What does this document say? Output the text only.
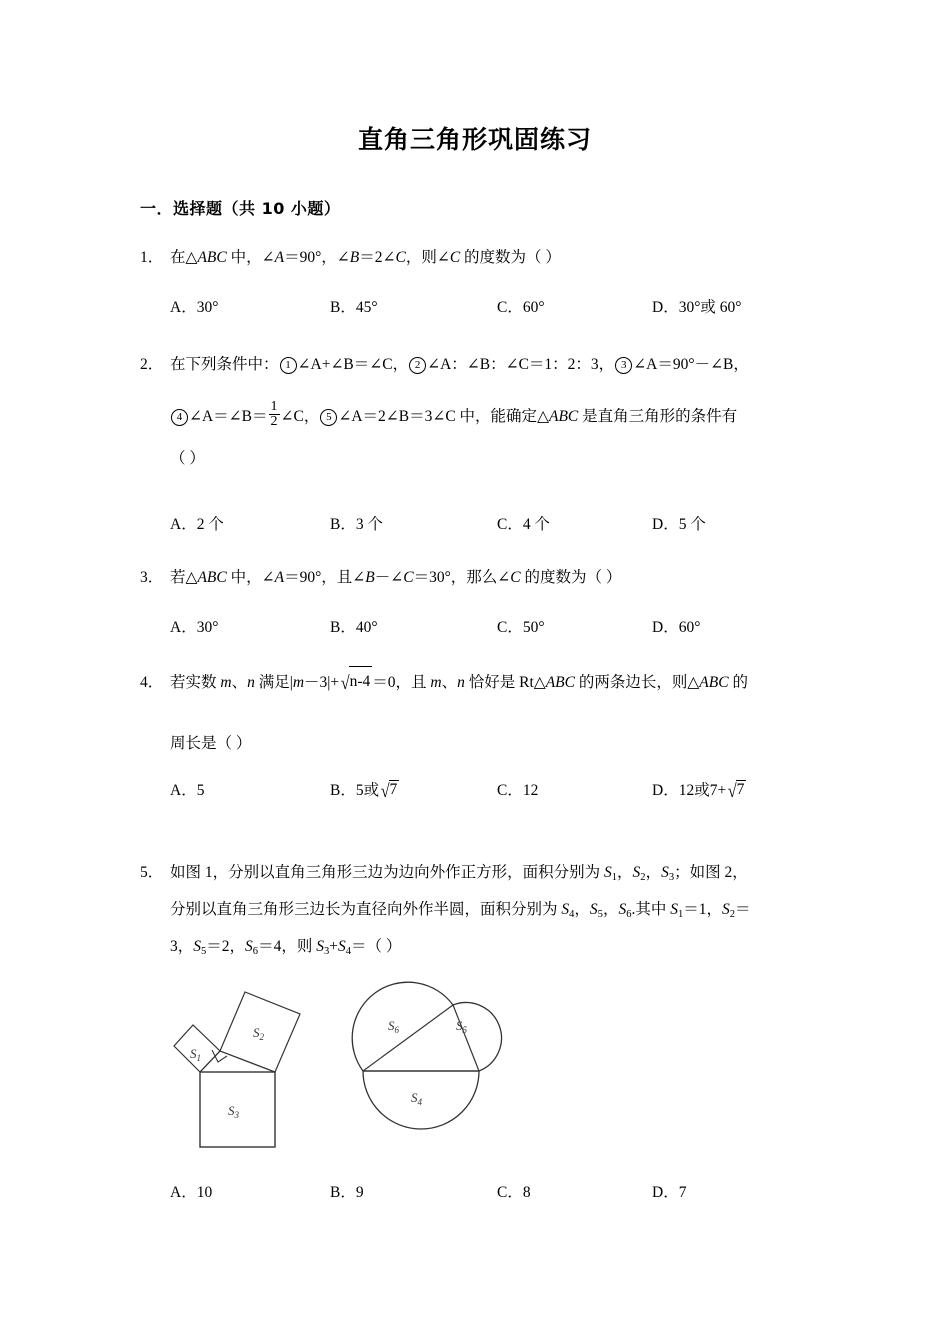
直角三角形巩固练习
一．选择题（共 10 小题）
1． 在 △ ABC 中，∠A＝90°，∠B＝2∠C，则∠C 的度数为（ ）
A．30°	B．45°	C．60°	D．30°或 60°
2． 在下列条件中： 1 ∠A+∠B＝∠C， 2 ∠A：∠B：∠C＝1：2：3， 3 ∠A＝90°－∠B，
4 ∠A＝∠B＝ $\frac{1}{2}$ ∠C， 5 ∠A＝2∠B＝3∠C 中，能确定 △ ABC 是直角三角形的条件有
（ ）
A．2 个	B．3 个	C．4 个	D．5 个
3． 若 △ ABC 中，∠A＝90°，且∠B－∠C＝30°，那么∠C 的度数为（ ）
A．30°	B．40°	C．50°	D．60°
4． 若实数 m、n 满足|m－3|+√n-4 ＝0，且 m、n 恰好是 Rt △ ABC 的两条边长，则 △ ABC 的
周长是（ ）
A．5	B．5或√7	C．12	D．12或7+√7
5． 如图 1，分别以直角三角形三边为边向外作正方形，面积分别为 $S_1$，$S_2$，$S_3$；如图 2，
分别以直角三角形三边长为直径向外作半圆，面积分别为 $S_4$，$S_5$，$S_6$.其中 $S_1=1$，$S_2=$
3，$S_5=2$，$S_6=4$，则 $S_3+S_4=$（ ）
$S_1$
$S_2$
$S_3$
$S_6$	$S_5$
$S_4$
A．10	B．9	C．8	D．7
